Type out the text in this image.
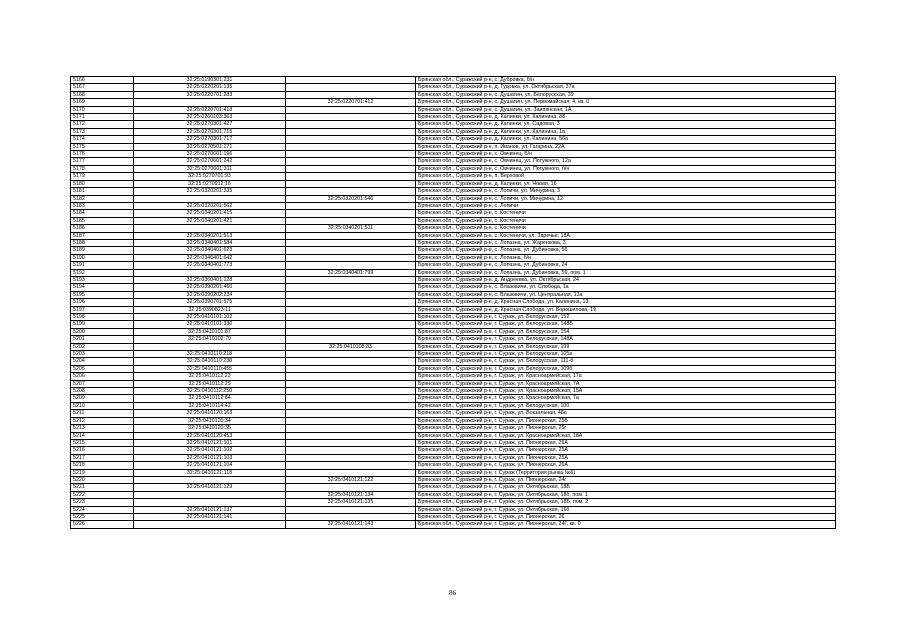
5166	32:25:0190301:231		Брянская обл., Суражский р-н, с. Дубровка, б/н
5167	32:25:0220201:135		Брянская обл., Суражский р-н, д. Гудовка, ул. Октябрьская, 37а
5168	32:25:0220701:283		Брянская обл., Суражский р-н, с. Душатин, ул. Белорусская, 39
5169		32:25:0220701:412	Брянская обл., Суражский р-н, с. Душатин, ул. Первомайская, 4, кв. 0
5170	32:25:0220701:418		Брянская обл., Суражский р-н, с. Душатин, ул. Заипянская, 1А
5171	32:25:0260103:363		Брянская обл., Суражский р-н, д. Калинки, ул. Калинина, 88
5172	32:25:0270301:427		Брянская обл., Суражский р-н, д. Калинки, ул. Садовая, 3
5173	32:25:0270301:715		Брянская обл., Суражский р-н, д. Калинки, ул. Калинина, 1а
5174	32:25:0270301:717		Брянская обл., Суражский р-н, д. Калинки, ул. Калинина, 56а
5175	32:25:0270501:171		Брянская обл., Суражский р-н, п. Иванов, ул. Гагарина, 22А
5176	32:25:0270601:196		Брянская обл., Суражский р-н, с. Овчинец, б/н
5177	32:25:0270601:242		Брянская обл., Суражский р-н, с. Овчинец, ул. Потужного, 12а
5178	32:25:0270601:311		Брянская обл., Суражский р-н, с. Овчинец, ул. Потужного, б/н
5179	32:25:0270701:93		Брянская обл., Суражский р-н, п. Верховой
5180	32:25:0270912:16		Брянская обл., Суражский р-н, д. Калинки, ул. Новая, 16
5181	32:25:0320201:335		Брянская обл., Суражский р-н, с. Лопичи, ул. Мичурина, 3
5182		32:25:0320201:546	Брянская обл., Суражский р-н, с. Лопичи, ул. Мичурина, 12
5183	32:25:0320201:562		Брянская обл., Суражский р-н, с. Лопичи
5184	32:25:0340201:415		Брянская обл., Суражский р-н, с. Костеничи
5185	32:25:0340201:421		Брянская обл., Суражский р-н, с. Костеничи
5186		32:25:0340201:511	Брянская обл., Суражский р-н, с. Костеничи
5187	32:25:0340201:513		Брянская обл., Суражский р-н, с. Костеничи, ул. Заречье, 18А
5188	32:25:0340401:584		Брянская обл., Суражский р-н, с. Лопазна, ул. Жаренкова, 3
5189	32:25:0340401:623		Брянская обл., Суражский р-н, с. Лопазна, ул. Дубиновка, 56
5190	32:25:0340401:642		Брянская обл., Суражский р-н, с. Лопазна, б/н
5191	32:25:0340401:773		Брянская обл., Суражский р-н, с. Лопазна, ул. Дубиновка, 24
5192		32:25:0340401:799	Брянская обл., Суражский р-н, с. Лопазна, ул. Дубиновка, 59, пом. 1
5193	32:25:0360401:128		Брянская обл., Суражский р-н, д. Андреевка, ул. Октябрьская, 24
5194	32:25:0390201:460		Брянская обл., Суражский р-н, с. Влазовичи, ул. Слобода, 1а
5195	32:25:0390202:234		Брянская обл., Суражский р-н, с. Влазовичи, ул. Центральная, 13а
5196	32:25:0390701:575		Брянская обл., Суражский р-н, д. Красная Слобода, ул. Калинина, 13
5197	32:25:0390823:11		Брянская обл., Суражский р-н, д. Красная Слобода, ул. Ворошилова, 19
5198	32:25:0410101:102		Брянская обл., Суражский р-н, г. Сураж, ул. Белорусская, 152
5199	32:25:0410101:330		Брянская обл., Суражский р-н, г. Сураж, ул. Белорусская, 148Б
5200	32:25:0410101:87		Брянская обл., Суражский р-н, г. Сураж, ул. Белорусская, 154
5201	32:25:0410102:70		Брянская обл., Суражский р-н, г. Сураж, ул. Белорусская, 148А
5202		32:25:0410108:83	Брянская обл., Суражский р-н, г. Сураж, ул. Белорусская, 109
5203	32:25:0410110:218		Брянская обл., Суражский р-н, г. Сураж, ул. Белорусская, 105а
5204	32:25:0410110:238		Брянская обл., Суражский р-н, г. Сураж, ул. Белорусская, 111-б
5205	32:25:0410110:455		Брянская обл., Суражский р-н, г. Сураж, ул. Белорусская, 109б
5206	32:25:0410112:23		Брянская обл., Суражский р-н, г. Сураж, ул. Красноармейская, 17а
5207	32:25:0410112:25		Брянская обл., Суражский р-н, г. Сураж, ул. Красноармейская, 7А
5208	32:25:0410112:250		Брянская обл., Суражский р-н, г. Сураж, ул. Красноармейская, 15А
5209	32:25:0410112:84		Брянская обл., Суражский р-н, г. Сураж, ул. Красноармейская, 7а
5210	32:25:0410114:42		Брянская обл., Суражский р-н, г. Сураж, ул. Белорусская, 100
5211	32:25:0410120:163		Брянская обл., Суражский р-н, г. Сураж, ул. Вокзальная, 48а
5212	32:25:0410120:34		Брянская обл., Суражский р-н, г. Сураж, ул. Пионерская, 25Б
5213	32:25:0410120:35		Брянская обл., Суражский р-н, г. Сураж, ул. Пионерская, 25г
5214	32:25:0410120:453		Брянская обл., Суражский р-н, г. Сураж, ул. Красноармейская, 18А
5215	32:25:0410121:101		Брянская обл., Суражский р-н, г. Сураж, ул. Пионерская, 26А
5216	32:25:0410121:102		Брянская обл., Суражский р-н, г. Сураж, ул. Пионерская, 25А
5217	32:25:0410121:103		Брянская обл., Суражский р-н, г. Сураж, ул. Пионерская, 25А
5218	32:25:0410121:104		Брянская обл., Суражский р-н, г. Сураж, ул. Пионерская, 26А
5219	32:25:0410121:118		Брянская обл., Суражский р-н, г. Сураж (Территория рынка №6)
5220		32:25:0410121:122	Брянская обл., Суражский р-н, г. Сураж, ул. Пионерская, 24г
5221	32:25:0410121:129		Брянская обл., Суражский р-н, г. Сураж, ул. Октябрьская, 18Б
5222		32:25:0410121:134	Брянская обл., Суражский р-н, г. Сураж, ул. Октябрьская, 18б, пом. 1
5223		32:25:0410121:135	Брянская обл., Суражский р-н, г. Сураж, ул. Октябрьская, 18Б, пом. 2
5224	32:25:0410121:137		Брянская обл., Суражский р-н, г. Сураж, ул. Октябрьская, 16б
5225	32:25:0410121:141		Брянская обл., Суражский р-н, г. Сураж, ул. Пионерская, 26
5226		32:25:0410121:143	Брянская обл., Суражский р-н, г. Сураж, ул. Пионерская, 24Г, кв. 0
86
